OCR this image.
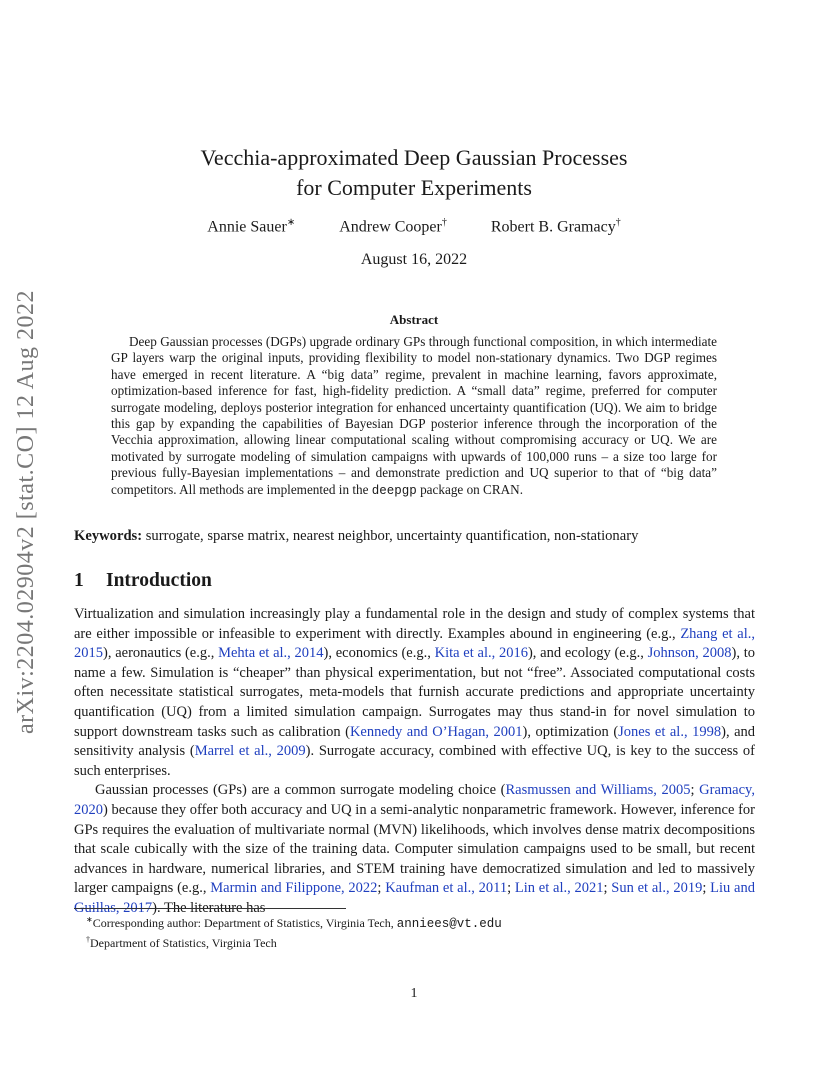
arXiv:2204.02904v2 [stat.CO] 12 Aug 2022
Vecchia-approximated Deep Gaussian Processes
for Computer Experiments
Annie Sauer∗	Andrew Cooper†	Robert B. Gramacy†
August 16, 2022
Abstract
Deep Gaussian processes (DGPs) upgrade ordinary GPs through functional composition, in which intermediate GP layers warp the original inputs, providing flexibility to model non-stationary dynamics. Two DGP regimes have emerged in recent literature. A “big data” regime, prevalent in machine learning, favors approximate, optimization-based inference for fast, high-fidelity prediction. A “small data” regime, preferred for computer surrogate modeling, deploys posterior integration for enhanced uncertainty quantification (UQ). We aim to bridge this gap by expanding the capabilities of Bayesian DGP posterior inference through the incorporation of the Vecchia approximation, allowing linear computational scaling without compromising accuracy or UQ. We are motivated by surrogate modeling of simulation campaigns with upwards of 100,000 runs – a size too large for previous fully-Bayesian implementations – and demonstrate prediction and UQ superior to that of “big data” competitors. All methods are implemented in the deepgp package on CRAN.
Keywords: surrogate, sparse matrix, nearest neighbor, uncertainty quantification, non-stationary
1 Introduction

Virtualization and simulation increasingly play a fundamental role in the design and study of complex systems that are either impossible or infeasible to experiment with directly. Examples abound in engineering (e.g., Zhang et al., 2015), aeronautics (e.g., Mehta et al., 2014), economics (e.g., Kita et al., 2016), and ecology (e.g., Johnson, 2008), to name a few. Simulation is “cheaper” than physical experimentation, but not “free”. Associated computational costs often necessitate statistical surrogates, meta-models that furnish accurate predictions and appropriate uncertainty quantification (UQ) from a limited simulation campaign. Surrogates may thus stand-in for novel simulation to support downstream tasks such as calibration (Kennedy and O’Hagan, 2001), optimization (Jones et al., 1998), and sensitivity analysis (Marrel et al., 2009). Surrogate accuracy, combined with effective UQ, is key to the success of such enterprises.

Gaussian processes (GPs) are a common surrogate modeling choice (Rasmussen and Williams, 2005; Gramacy, 2020) because they offer both accuracy and UQ in a semi-analytic nonparametric framework. However, inference for GPs requires the evaluation of multivariate normal (MVN) likelihoods, which involves dense matrix decompositions that scale cubically with the size of the training data. Computer simulation campaigns used to be small, but recent advances in hardware, numerical libraries, and STEM training have democratized simulation and led to massively larger campaigns (e.g., Marmin and Filippone, 2022; Kaufman et al., 2011; Lin et al., 2021; Sun et al., 2019; Liu and Guillas, 2017). The literature has

∗Corresponding author: Department of Statistics, Virginia Tech, anniees@vt.edu
†Department of Statistics, Virginia Tech
1
